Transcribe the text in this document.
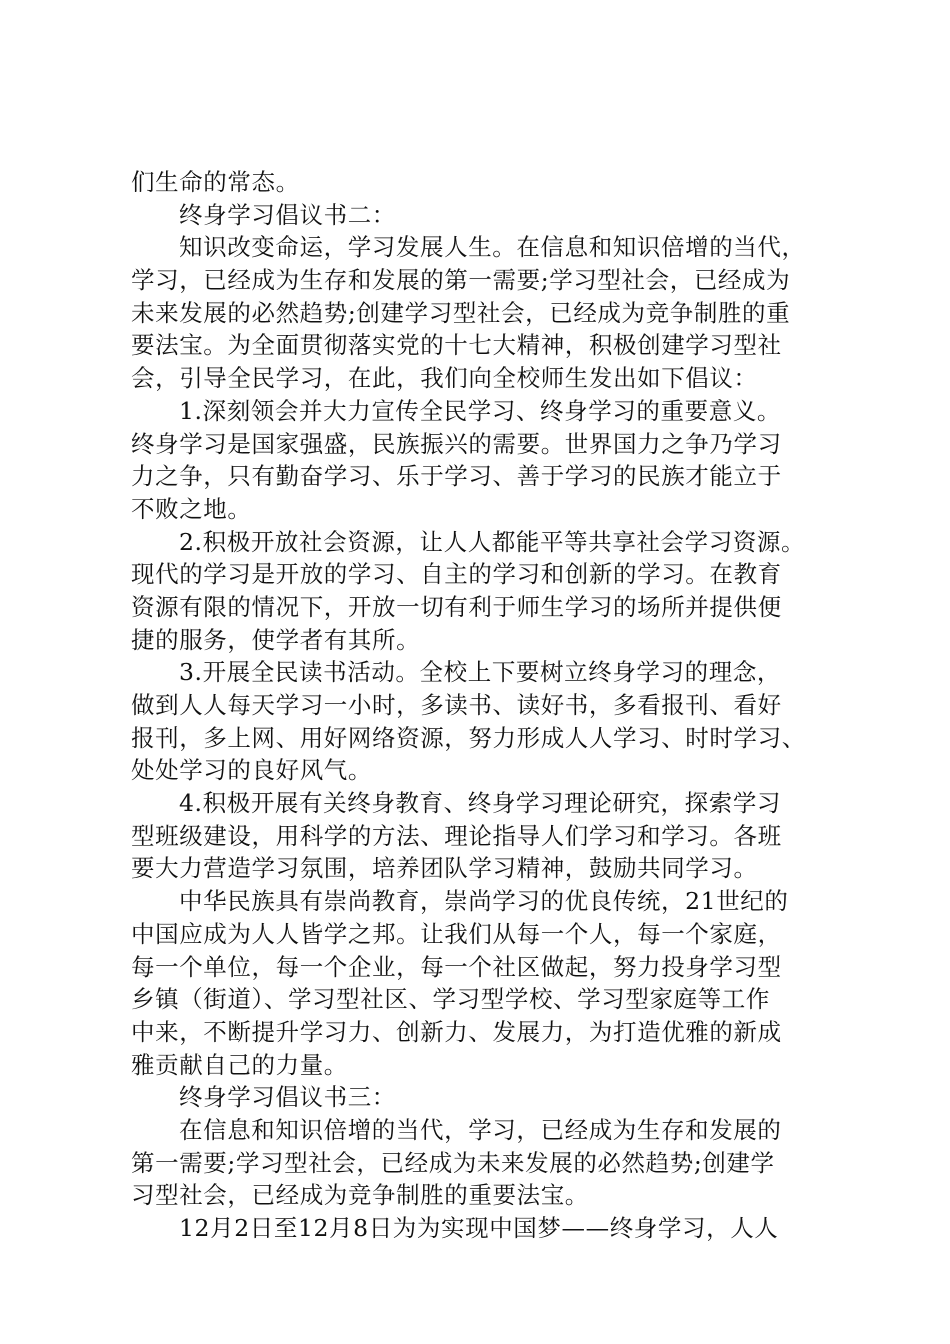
们生命的常态。
终身学习倡议书二：
知识改变命运，学习发展人生。在信息和知识倍增的当代，
学习，已经成为生存和发展的第一需要;学习型社会，已经成为
未来发展的必然趋势;创建学习型社会，已经成为竞争制胜的重
要法宝。为全面贯彻落实党的十七大精神，积极创建学习型社
会，引导全民学习，在此，我们向全校师生发出如下倡议：
1.深刻领会并大力宣传全民学习、终身学习的重要意义。
终身学习是国家强盛，民族振兴的需要。世界国力之争乃学习
力之争，只有勤奋学习、乐于学习、善于学习的民族才能立于
不败之地。
2.积极开放社会资源，让人人都能平等共享社会学习资源。
现代的学习是开放的学习、自主的学习和创新的学习。在教育
资源有限的情况下，开放一切有利于师生学习的场所并提供便
捷的服务，使学者有其所。
3.开展全民读书活动。全校上下要树立终身学习的理念，
做到人人每天学习一小时，多读书、读好书，多看报刊、看好
报刊，多上网、用好网络资源，努力形成人人学习、时时学习、
处处学习的良好风气。
4.积极开展有关终身教育、终身学习理论研究，探索学习
型班级建设，用科学的方法、理论指导人们学习和学习。各班
要大力营造学习氛围，培养团队学习精神，鼓励共同学习。
中华民族具有崇尚教育，崇尚学习的优良传统，21世纪的
中国应成为人人皆学之邦。让我们从每一个人，每一个家庭，
每一个单位，每一个企业，每一个社区做起，努力投身学习型
乡镇（街道）、学习型社区、学习型学校、学习型家庭等工作
中来，不断提升学习力、创新力、发展力，为打造优雅的新成
雅贡献自己的力量。
终身学习倡议书三：
在信息和知识倍增的当代，学习，已经成为生存和发展的
第一需要;学习型社会，已经成为未来发展的必然趋势;创建学
习型社会，已经成为竞争制胜的重要法宝。
12月2日至12月8日为为实现中国梦——终身学习，人人
